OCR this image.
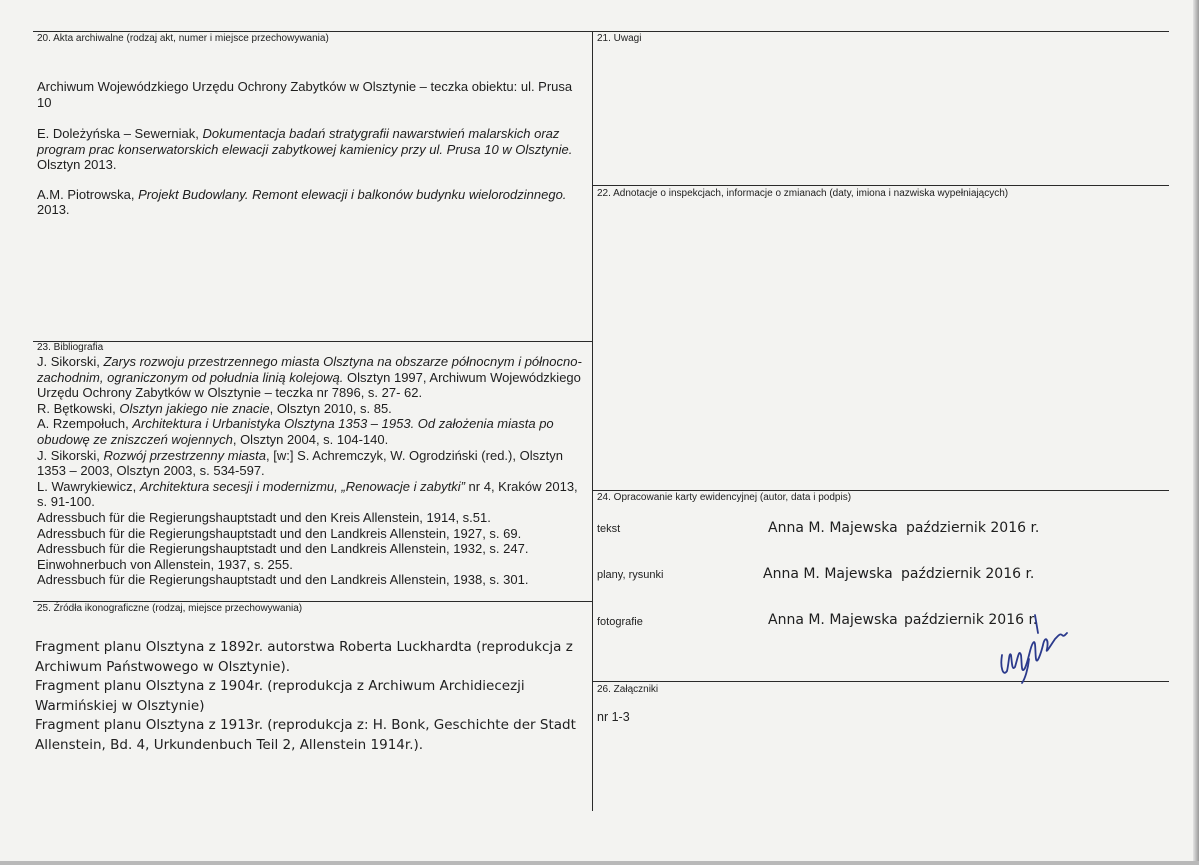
20. Akta archiwalne (rodzaj akt, numer i miejsce przechowywania)

Archiwum Wojewódzkiego Urzędu Ochrony Zabytków w Olsztynie – teczka obiektu: ul. Prusa 10

E. Doleżyńska – Sewerniak, Dokumentacja badań stratygrafii nawarstwień malarskich oraz program prac konserwatorskich elewacji zabytkowej kamienicy przy ul. Prusa 10 w Olsztynie. Olsztyn 2013.

A.M. Piotrowska, Projekt Budowlany. Remont elewacji i balkonów budynku wielorodzinnego. 2013.

21. Uwagi
22. Adnotacje o inspekcjach, informacje o zmianach (daty, imiona i nazwiska wypełniających)
23. Bibliografia

J. Sikorski, Zarys rozwoju przestrzennego miasta Olsztyna na obszarze północnym i północno-zachodnim, ograniczonym od południa linią kolejową. Olsztyn 1997, Archiwum Wojewódzkiego Urzędu Ochrony Zabytków w Olsztynie – teczka nr 7896, s. 27- 62.

R. Bętkowski, Olsztyn jakiego nie znacie, Olsztyn 2010, s. 85.

A. Rzempołuch, Architektura i Urbanistyka Olsztyna 1353 – 1953. Od założenia miasta po obudowę ze zniszczeń wojennych, Olsztyn 2004, s. 104-140.

J. Sikorski, Rozwój przestrzenny miasta, [w:] S. Achremczyk, W. Ogrodziński (red.), Olsztyn 1353 – 2003, Olsztyn 2003, s. 534-597.

L. Wawrykiewicz, Architektura secesji i modernizmu, „Renowacje i zabytki” nr 4, Kraków 2013, s. 91-100.

Adressbuch für die Regierungshauptstadt und den Kreis Allenstein, 1914, s.51.

Adressbuch für die Regierungshauptstadt und den Landkreis Allenstein, 1927, s. 69.

Adressbuch für die Regierungshauptstadt und den Landkreis Allenstein, 1932, s. 247.

Einwohnerbuch von Allenstein, 1937, s. 255.

Adressbuch für die Regierungshauptstadt und den Landkreis Allenstein, 1938, s. 301.

24. Opracowanie karty ewidencyjnej (autor, data i podpis)
tekst	Anna M. Majewska październik 2016 r.
plany, rysunki	Anna M. Majewska październik 2016 r.
fotografie	Anna M. Majewska październik 2016 r.
25. Źródła ikonograficzne (rodzaj, miejsce przechowywania)

Fragment planu Olsztyna z 1892r. autorstwa Roberta Luckhardta (reprodukcja z Archiwum Państwowego w Olsztynie).

Fragment planu Olsztyna z 1904r. (reprodukcja z Archiwum Archidiecezji Warmińskiej w Olsztynie)

Fragment planu Olsztyna z 1913r. (reprodukcja z: H. Bonk, Geschichte der Stadt Allenstein, Bd. 4, Urkundenbuch Teil 2, Allenstein 1914r.).

26. Załączniki
nr 1-3
